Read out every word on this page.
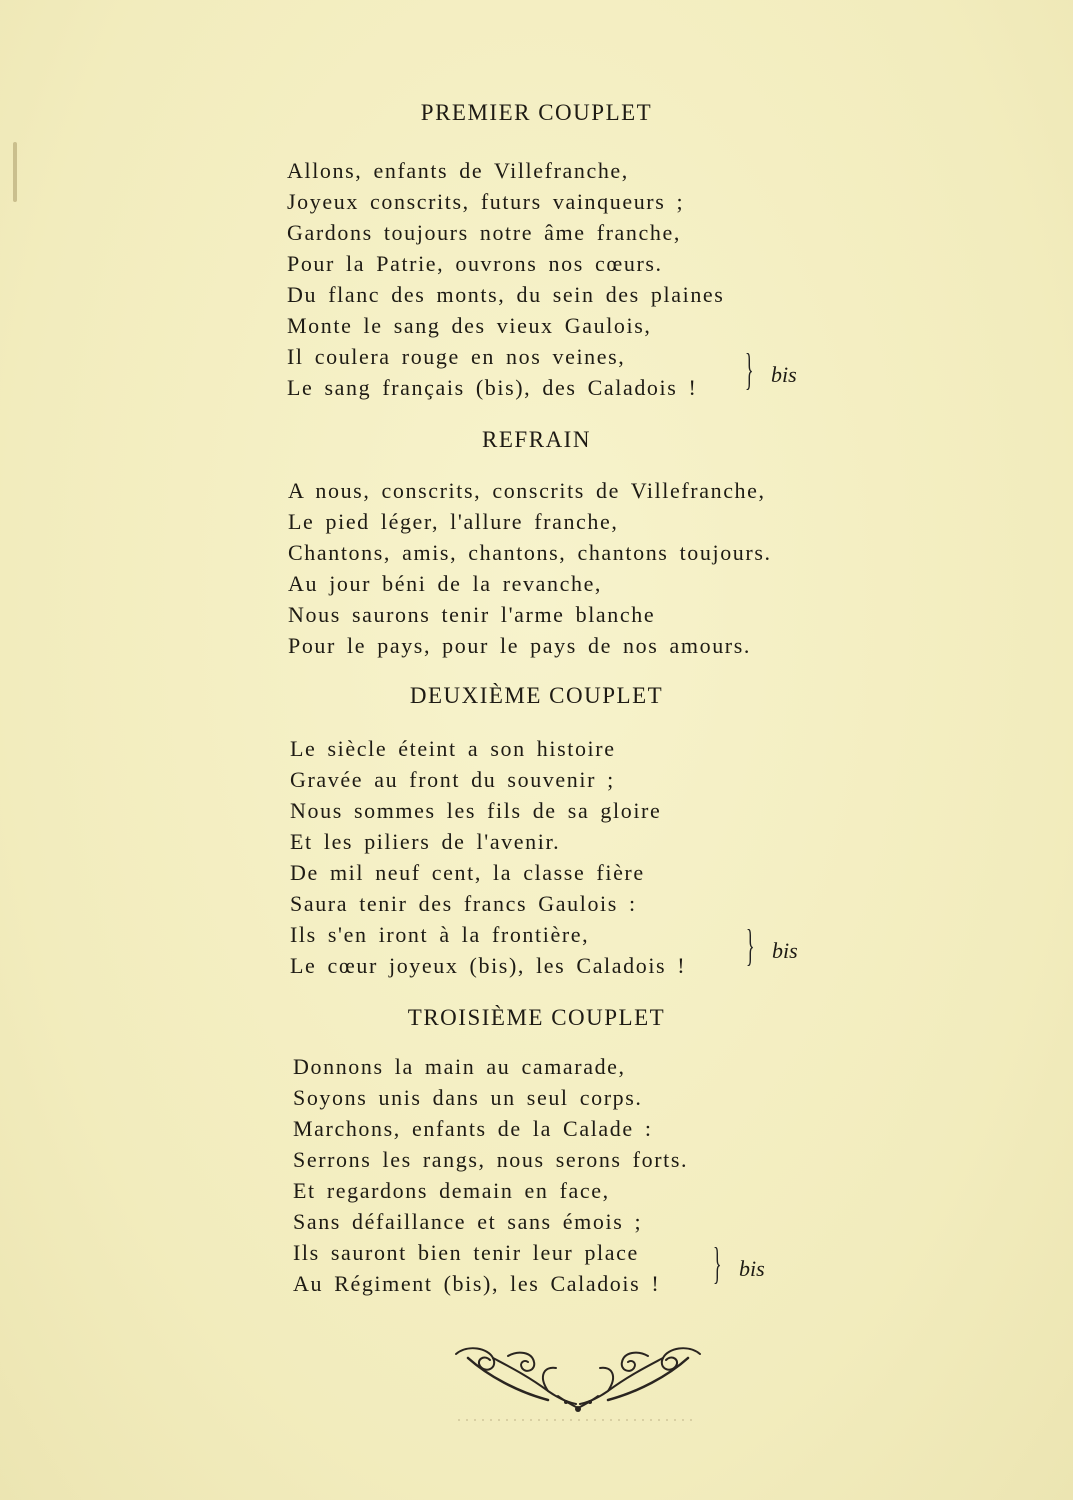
PREMIER COUPLET
Allons, enfants de Villefranche,
Joyeux conscrits, futurs vainqueurs ;
Gardons toujours notre âme franche,
Pour la Patrie, ouvrons nos cœurs.
Du flanc des monts, du sein des plaines
Monte le sang des vieux Gaulois,
Il coulera rouge en nos veines,
Le sang français (bis), des Caladois !	} bis
REFRAIN
A nous, conscrits, conscrits de Villefranche,
Le pied léger, l'allure franche,
Chantons, amis, chantons, chantons toujours.
Au jour béni de la revanche,
Nous saurons tenir l'arme blanche
Pour le pays, pour le pays de nos amours.
DEUXIÈME COUPLET
Le siècle éteint a son histoire
Gravée au front du souvenir ;
Nous sommes les fils de sa gloire
Et les piliers de l'avenir.
De mil neuf cent, la classe fière
Saura tenir des francs Gaulois :
Ils s'en iront à la frontière,
Le cœur joyeux (bis), les Caladois ! } bis
TROISIÈME COUPLET
Donnons la main au camarade,
Soyons unis dans un seul corps.
Marchons, enfants de la Calade :
Serrons les rangs, nous serons forts.
Et regardons demain en face,
Sans défaillance et sans émois ;
Ils sauront bien tenir leur place
Au Régiment (bis), les Caladois !	} bis
